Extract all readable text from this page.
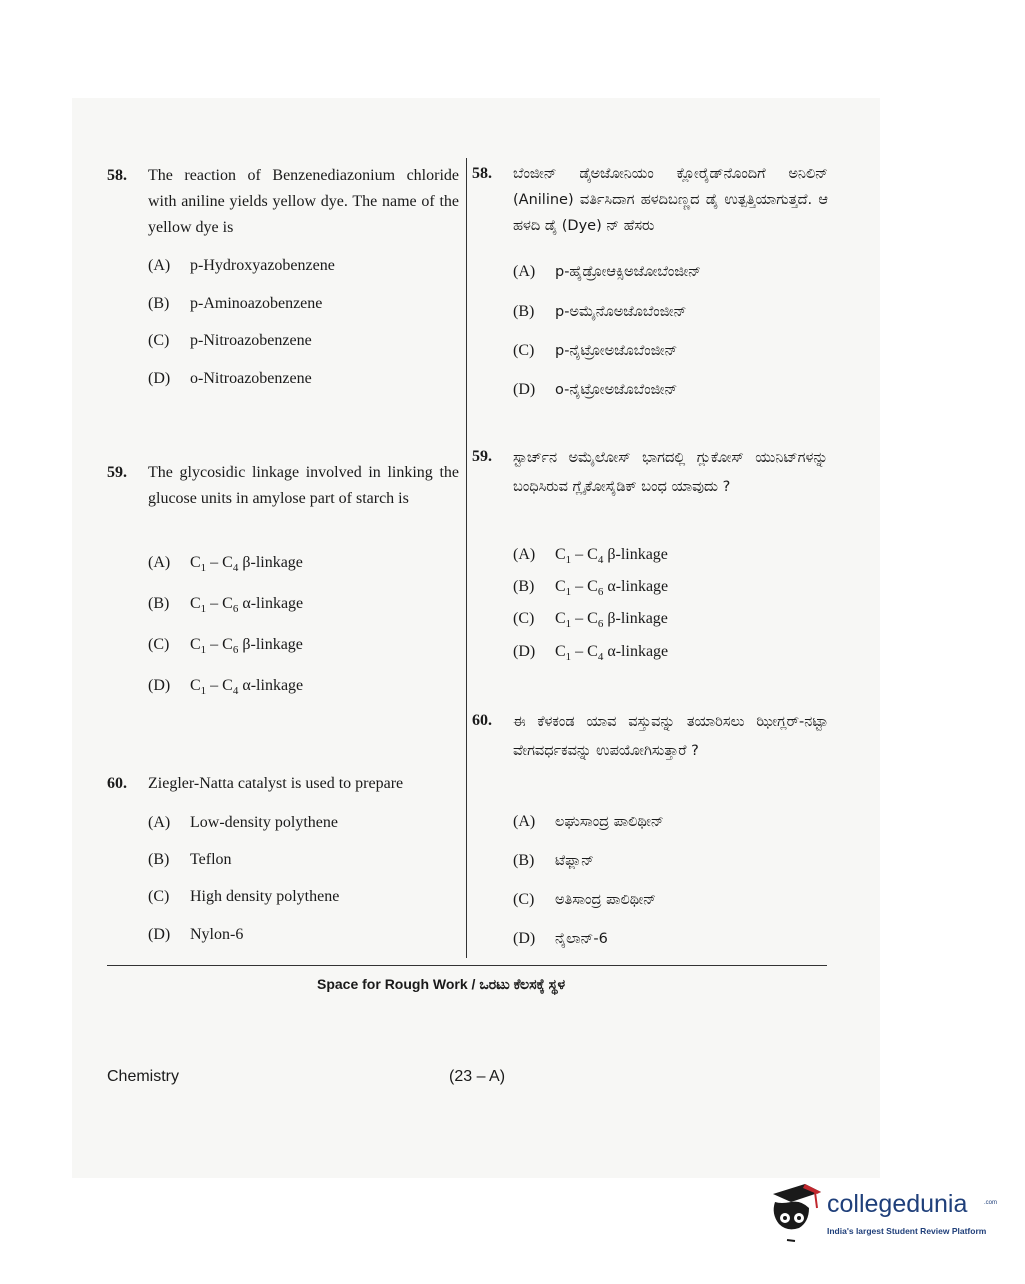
58. The reaction of Benzenediazonium chloride with aniline yields yellow dye. The name of the yellow dye is
(A) p-Hydroxyazobenzene
(B) p-Aminoazobenzene
(C) p-Nitroazobenzene
(D) o-Nitroazobenzene
59. The glycosidic linkage involved in linking the glucose units in amylose part of starch is
(A) $C_1 - C_4$ β-linkage
(B) $C_1 - C_6$ α-linkage
(C) $C_1 - C_6$ β-linkage
(D) $C_1 - C_4$ α-linkage
60. Ziegler-Natta catalyst is used to prepare
(A) Low-density polythene
(B) Teflon
(C) High density polythene
(D) Nylon-6
58. ಬೆಂಜೀನ್ ಡೈಅಜೋನಿಯಂ ಕ್ಲೋರೈಡ್‌ನೊಂದಿಗೆ ಅನಿಲಿನ್ (Aniline) ವರ್ತಿಸಿದಾಗ ಹಳದಿಬಣ್ಣದ ಡೈ ಉತ್ಪತ್ತಿಯಾಗುತ್ತದೆ. ಆ ಹಳದಿ ಡೈ (Dye) ನ್ ಹೆಸರು
(A) p-ಹೈಡ್ರೋಆಕ್ಸಿಅಜೋಬೆಂಜೀನ್
(B) p-ಅಮೈನೊಅಜೊಬೆಂಜೀನ್
(C) p-ನೈಟ್ರೋಅಜೊಬೆಂಜೀನ್
(D) o-ನೈಟ್ರೋಅಜೊಬೆಂಜೀನ್
59. ಸ್ಟಾರ್ಚ್‌ನ ಅಮೈಲೋಸ್ ಭಾಗದಲ್ಲಿ ಗ್ಲುಕೋಸ್ ಯುನಿಟ್‌ಗಳನ್ನು ಬಂಧಿಸಿರುವ ಗ್ಲೈಕೋಸೈಡಿಕ್ ಬಂಧ ಯಾವುದು ?
(A) $C_1 - C_4$ β-linkage
(B) $C_1 - C_6$ α-linkage
(C) $C_1 - C_6$ β-linkage
(D) $C_1 - C_4$ α-linkage
60. ಈ ಕೆಳಕಂಡ ಯಾವ ವಸ್ತುವನ್ನು ತಯಾರಿಸಲು ಝೀಗ್ಲರ್-ನಟ್ಟಾ ವೇಗವರ್ಧಕವನ್ನು ಉಪಯೋಗಿಸುತ್ತಾರೆ ?
(A) ಲಘುಸಾಂದ್ರ ಪಾಲಿಥೀನ್
(B) ಟೆಫ್ಲಾನ್
(C) ಅತಿಸಾಂದ್ರ ಪಾಲಿಥೀನ್
(D) ನೈಲಾನ್-6
Space for Rough Work / ಒರಟು ಕೆಲಸಕ್ಕೆ ಸ್ಥಳ
Chemistry	(23 – A)
collegedunia	.com
India's largest Student Review Platform
